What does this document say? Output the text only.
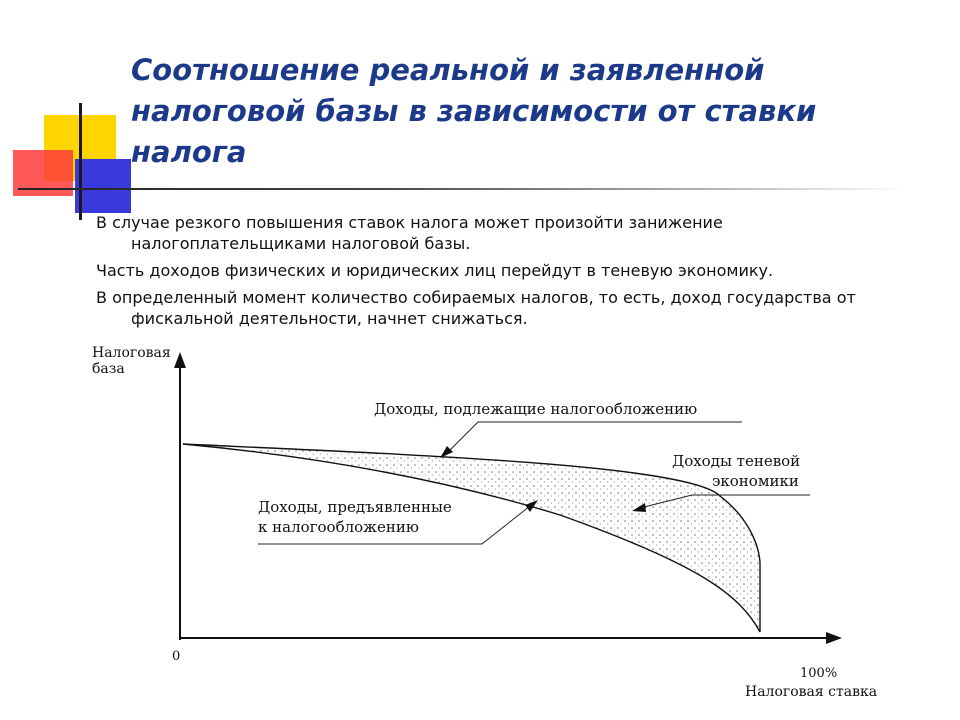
Соотношение реальной и заявленной налоговой базы в зависимости от ставки налога

В случае резкого повышения ставок налога может произойти занижение налогоплательщиками налоговой базы.

Часть доходов физических и юридических лиц перейдут в теневую экономику.

В определенный момент количество собираемых налогов, то есть, доход государства от фискальной деятельности, начнет снижаться.

Налоговая
база
0
100%
Налоговая ставка
Доходы, подлежащие налогообложению
Доходы теневой
экономики
Доходы, предъявленные
к налогообложению
